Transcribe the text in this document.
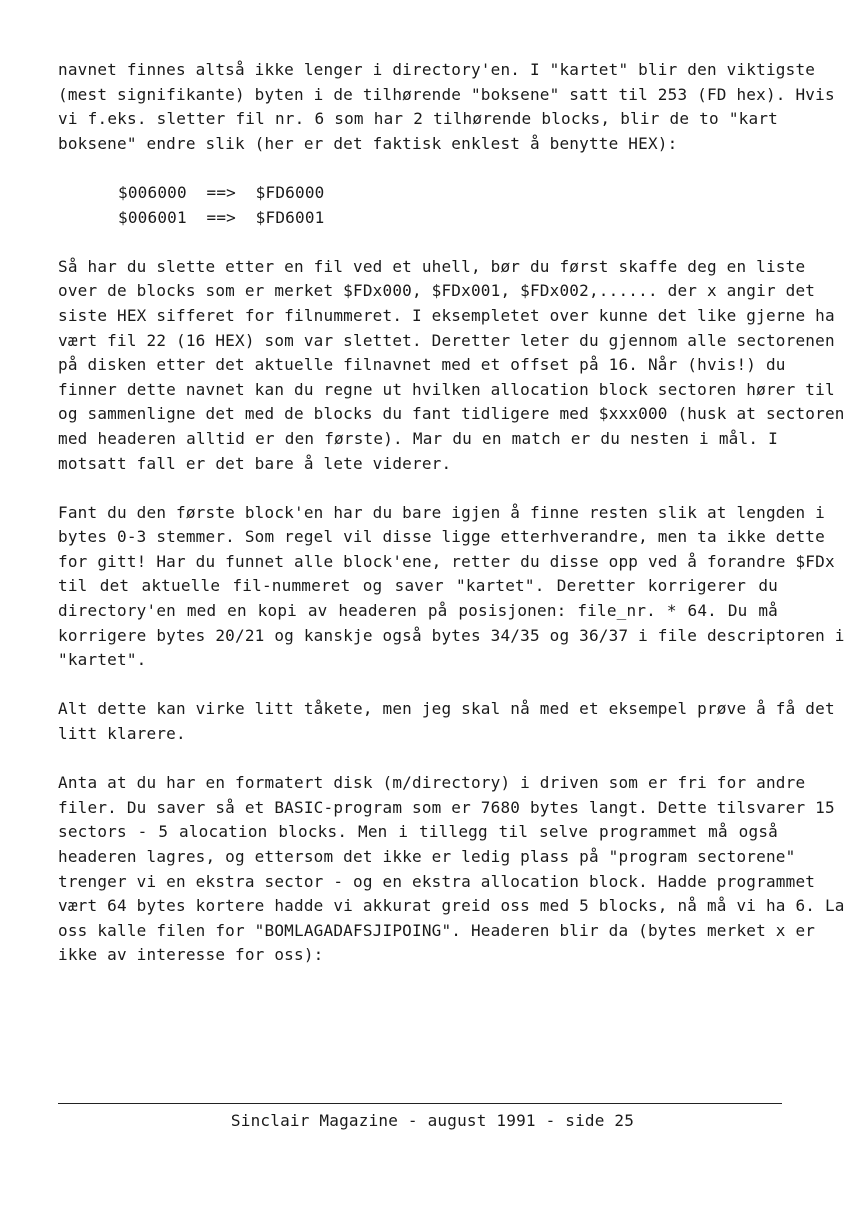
navnet finnes altså ikke lenger i directory'en. I "kartet" blir den viktigste
(mest signifikante) byten i de tilhørende "boksene" satt til 253 (FD hex). Hvis
vi f.eks. sletter fil nr. 6 som har 2 tilhørende blocks, blir de to "kart
boksene" endre slik (her er det faktisk enklest å benytte HEX):
$006000  ==>  $FD6000
$006001  ==>  $FD6001
Så har du slette etter en fil ved et uhell, bør du først skaffe deg en liste
over de blocks som er merket $FDx000, $FDx001, $FDx002,...... der x angir det
siste HEX sifferet for filnummeret. I eksempletet over kunne det like gjerne ha
vært fil 22 (16 HEX) som var slettet. Deretter leter du gjennom alle sectorenen
på disken etter det aktuelle filnavnet med et offset på 16. Når (hvis!) du
finner dette navnet kan du regne ut hvilken allocation block sectoren hører til
og sammenligne det med de blocks du fant tidligere med $xxx000 (husk at sectoren
med headeren alltid er den første). Mar du en match er du nesten i mål. I
motsatt fall er det bare å lete viderer.
Fant du den første block'en har du bare igjen å finne resten slik at lengden i
bytes 0-3 stemmer. Som regel vil disse ligge etterhverandre, men ta ikke dette
for gitt! Har du funnet alle block'ene, retter du disse opp ved å forandre $FDx
til det aktuelle fil-nummeret og saver "kartet". Deretter korrigerer du
directory'en med en kopi av headeren på posisjonen: file_nr. * 64. Du må
korrigere bytes 20/21 og kanskje også bytes 34/35 og 36/37 i file descriptoren i
"kartet".
Alt dette kan virke litt tåkete, men jeg skal nå med et eksempel prøve å få det
litt klarere.
Anta at du har en formatert disk (m/directory) i driven som er fri for andre
filer. Du saver så et BASIC-program som er 7680 bytes langt. Dette tilsvarer 15
sectors - 5 alocation blocks. Men i tillegg til selve programmet må også
headeren lagres, og ettersom det ikke er ledig plass på "program sectorene"
trenger vi en ekstra sector - og en ekstra allocation block. Hadde programmet
vært 64 bytes kortere hadde vi akkurat greid oss med 5 blocks, nå må vi ha 6. La
oss kalle filen for "BOMLAGADAFSJIPOING". Headeren blir da (bytes merket x er
ikke av interesse for oss):
Sinclair Magazine - august 1991 - side 25
